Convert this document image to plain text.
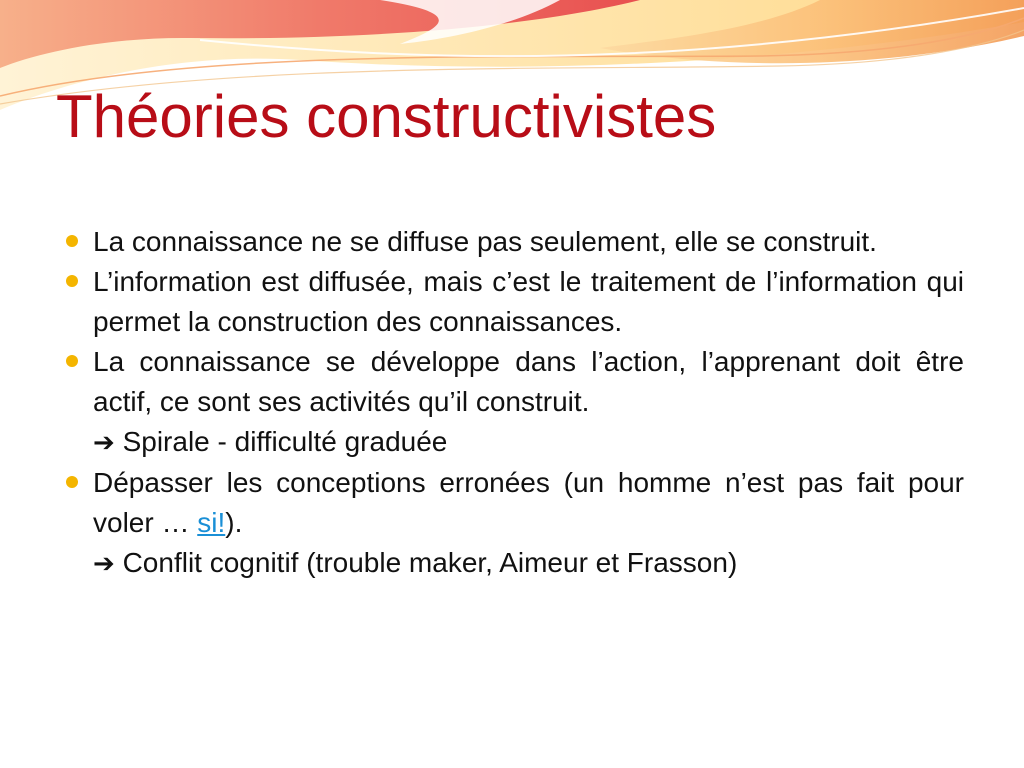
Théories constructivistes
La connaissance ne se diffuse pas seulement, elle se construit.
L’information est diffusée, mais c’est le traitement de l’information qui permet la construction des connaissances.
La connaissance se développe dans l’action, l’apprenant doit être actif, ce sont ses activités qu’il construit.
➔ Spirale - difficulté graduée
Dépasser les conceptions erronées (un homme n’est pas fait pour voler … si!).
➔ Conflit cognitif (trouble maker, Aimeur et Frasson)
